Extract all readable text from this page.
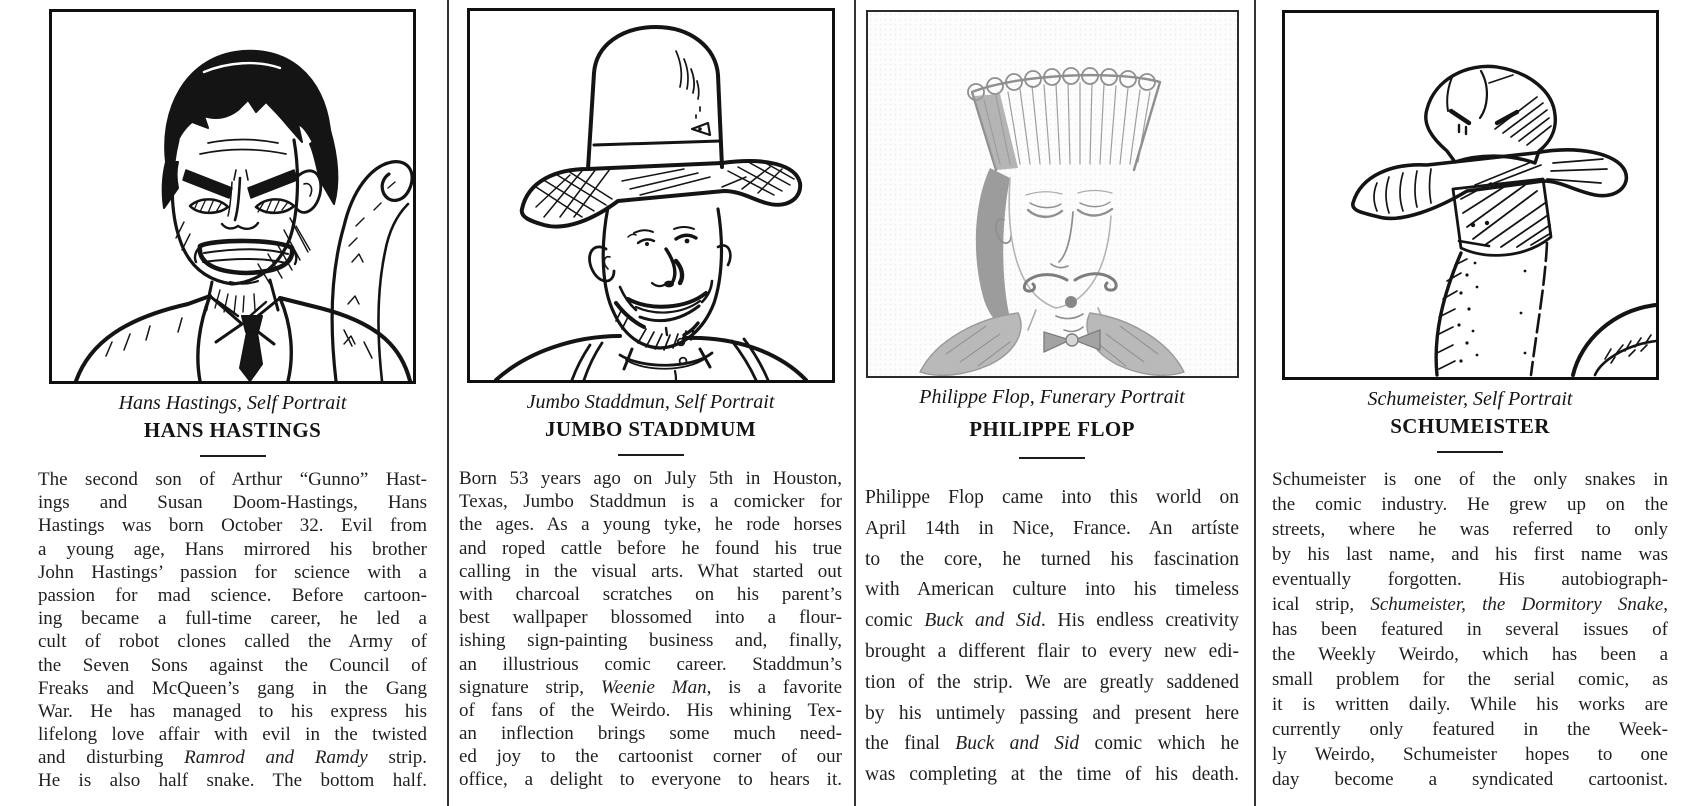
Hans Hastings, Self Portrait
HANS HASTINGS
The second son of Arthur “Gunno” Hast-
ings and Susan Doom-Hastings, Hans
Hastings was born October 32. Evil from
a young age, Hans mirrored his brother
John Hastings’ passion for science with a
passion for mad science. Before cartoon-
ing became a full-time career, he led a
cult of robot clones called the Army of
the Seven Sons against the Council of
Freaks and McQueen’s gang in the Gang
War. He has managed to his express his
lifelong love affair with evil in the twisted
and disturbing Ramrod and Ramdy strip.
He is also half snake. The bottom half.
Jumbo Staddmun, Self Portrait
JUMBO STADDMUM
Born 53 years ago on July 5th in Houston,
Texas, Jumbo Staddmun is a comicker for
the ages. As a young tyke, he rode horses
and roped cattle before he found his true
calling in the visual arts. What started out
with charcoal scratches on his parent’s
best wallpaper blossomed into a flour-
ishing sign-painting business and, finally,
an illustrious comic career. Staddmun’s
signature strip, Weenie Man, is a favorite
of fans of the Weirdo. His whining Tex-
an inflection brings some much need-
ed joy to the cartoonist corner of our
office, a delight to everyone to hears it.
Philippe Flop, Funerary Portrait
PHILIPPE FLOP
Philippe Flop came into this world on
April 14th in Nice, France. An artíste
to the core, he turned his fascination
with American culture into his timeless
comic Buck and Sid. His endless creativity
brought a different flair to every new edi-
tion of the strip. We are greatly saddened
by his untimely passing and present here
the final Buck and Sid comic which he
was completing at the time of his death.
Schumeister, Self Portrait
SCHUMEISTER
Schumeister is one of the only snakes in
the comic industry. He grew up on the
streets, where he was referred to only
by his last name, and his first name was
eventually forgotten. His autobiograph-
ical strip, Schumeister, the Dormitory Snake,
has been featured in several issues of
the Weekly Weirdo, which has been a
small problem for the serial comic, as
it is written daily. While his works are
currently only featured in the Week-
ly Weirdo, Schumeister hopes to one
day become a syndicated cartoonist.
